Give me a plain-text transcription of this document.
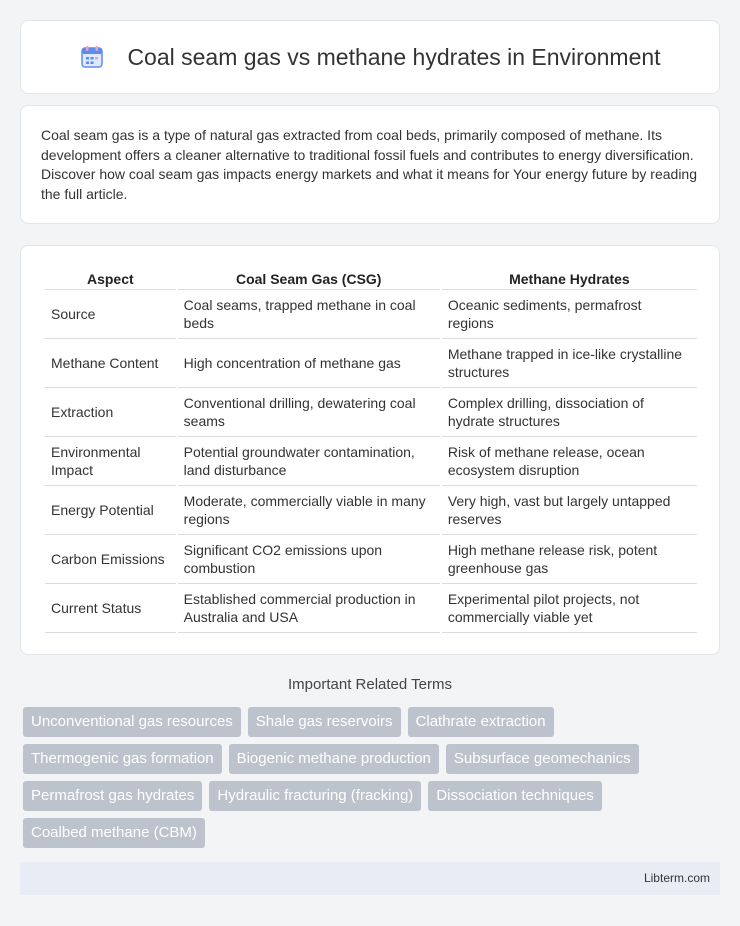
Coal seam gas vs methane hydrates in Environment

Coal seam gas is a type of natural gas extracted from coal beds, primarily composed of methane. Its development offers a cleaner alternative to traditional fossil fuels and contributes to energy diversification. Discover how coal seam gas impacts energy markets and what it means for Your energy future by reading the full article.

Aspect	Coal Seam Gas (CSG)	Methane Hydrates
Source	Coal seams, trapped methane in coal beds	Oceanic sediments, permafrost regions
Methane Content	High concentration of methane gas	Methane trapped in ice-like crystalline structures
Extraction	Conventional drilling, dewatering coal seams	Complex drilling, dissociation of hydrate structures
Environmental Impact	Potential groundwater contamination, land disturbance	Risk of methane release, ocean ecosystem disruption
Energy Potential	Moderate, commercially viable in many regions	Very high, vast but largely untapped reserves
Carbon Emissions	Significant CO2 emissions upon combustion	High methane release risk, potent greenhouse gas
Current Status	Established commercial production in Australia and USA	Experimental pilot projects, not commercially viable yet
Important Related Terms
Unconventional gas resources	Shale gas reservoirs	Clathrate extraction
Thermogenic gas formation	Biogenic methane production	Subsurface geomechanics
Permafrost gas hydrates	Hydraulic fracturing (fracking)	Dissociation techniques
Coalbed methane (CBM)
Libterm.com
